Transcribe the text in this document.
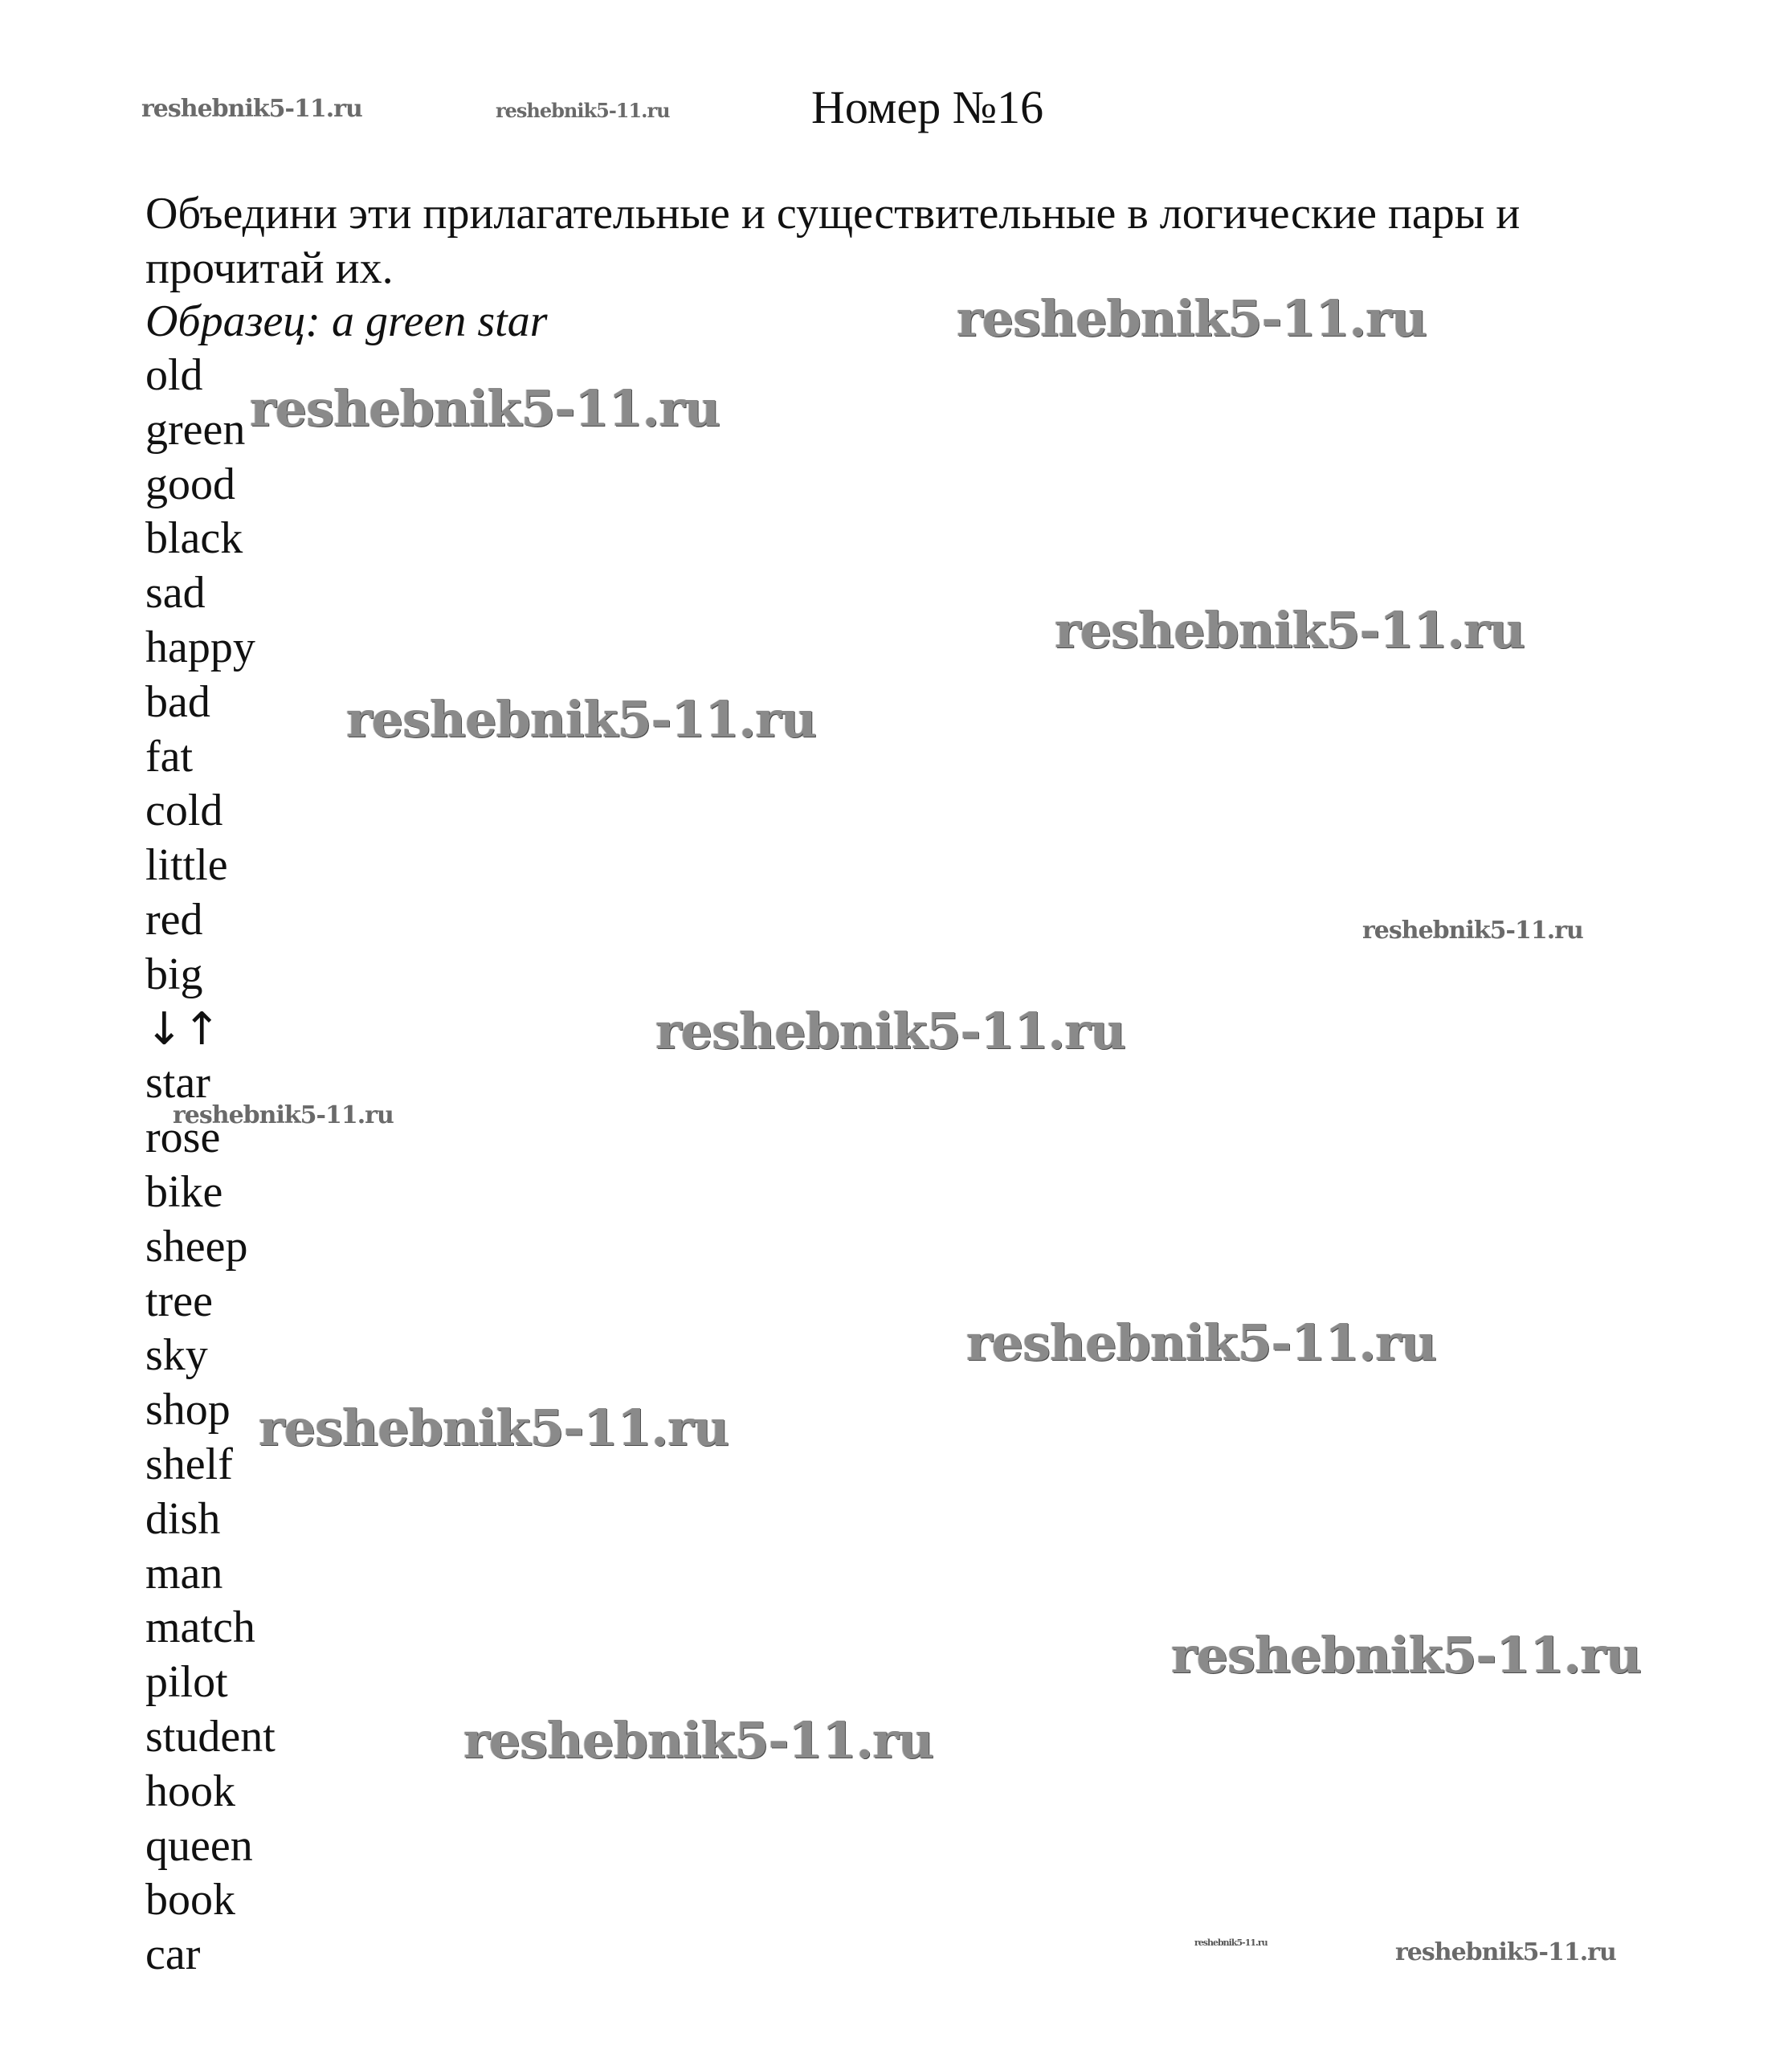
Номер №16
Объедини эти прилагательные и существительные в логические пары и прочитай их.
Образец: a green star
old
green
good
black
sad
happy
bad
fat
cold
little
red
big
↓↑
star
rose
bike
sheep
tree
sky
shop
shelf
dish
man
match
pilot
student
hook
queen
book
car
reshebnik5-11.ru	reshebnik5-11.ru
reshebnik5-11.ru
reshebnik5-11.ru
reshebnik5-11.ru
reshebnik5-11.ru
reshebnik5-11.ru
reshebnik5-11.ru
reshebnik5-11.ru
reshebnik5-11.ru
reshebnik5-11.ru
reshebnik5-11.ru
reshebnik5-11.ru
reshebnik5-11.ru	reshebnik5-11.ru
